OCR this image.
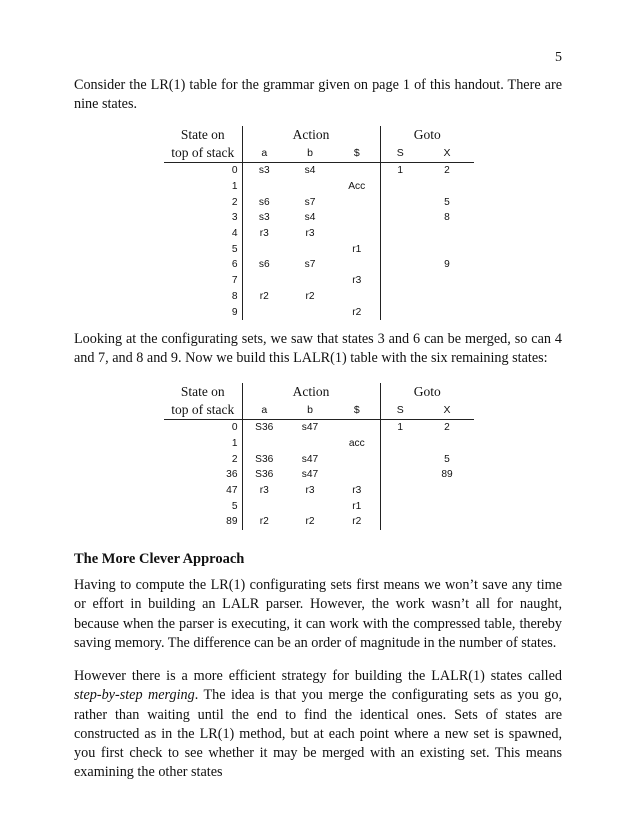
5

Consider the LR(1) table for the grammar given on page 1 of this handout. There are nine states.

State on	Action			Goto	
top of stack	a	b	$	S	X
0	s3	s4		1	2
1			Acc		
2	s6	s7			5
3	s3	s4			8
4	r3	r3			
5			r1		
6	s6	s7			9
7			r3		
8	r2	r2			
9			r2		

Looking at the configurating sets, we saw that states 3 and 6 can be merged, so can 4 and 7, and 8 and 9. Now we build this LALR(1) table with the six remaining states:

State on	Action			Goto	
top of stack	a	b	$	S	X
0	S36	s47		1	2
1			acc		
2	S36	s47			5
36	S36	s47			89
47	r3	r3	r3		
5			r1		
89	r2	r2	r2		
The More Clever Approach

Having to compute the LR(1) configurating sets first means we won’t save any time or effort in building an LALR parser. However, the work wasn’t all for naught, because when the parser is executing, it can work with the compressed table, thereby saving memory. The difference can be an order of magnitude in the number of states.

However there is a more efficient strategy for building the LALR(1) states called step-by-step merging. The idea is that you merge the configurating sets as you go, rather than waiting until the end to find the identical ones. Sets of states are constructed as in the LR(1) method, but at each point where a new set is spawned, you first check to see whether it may be merged with an existing set. This means examining the other states
